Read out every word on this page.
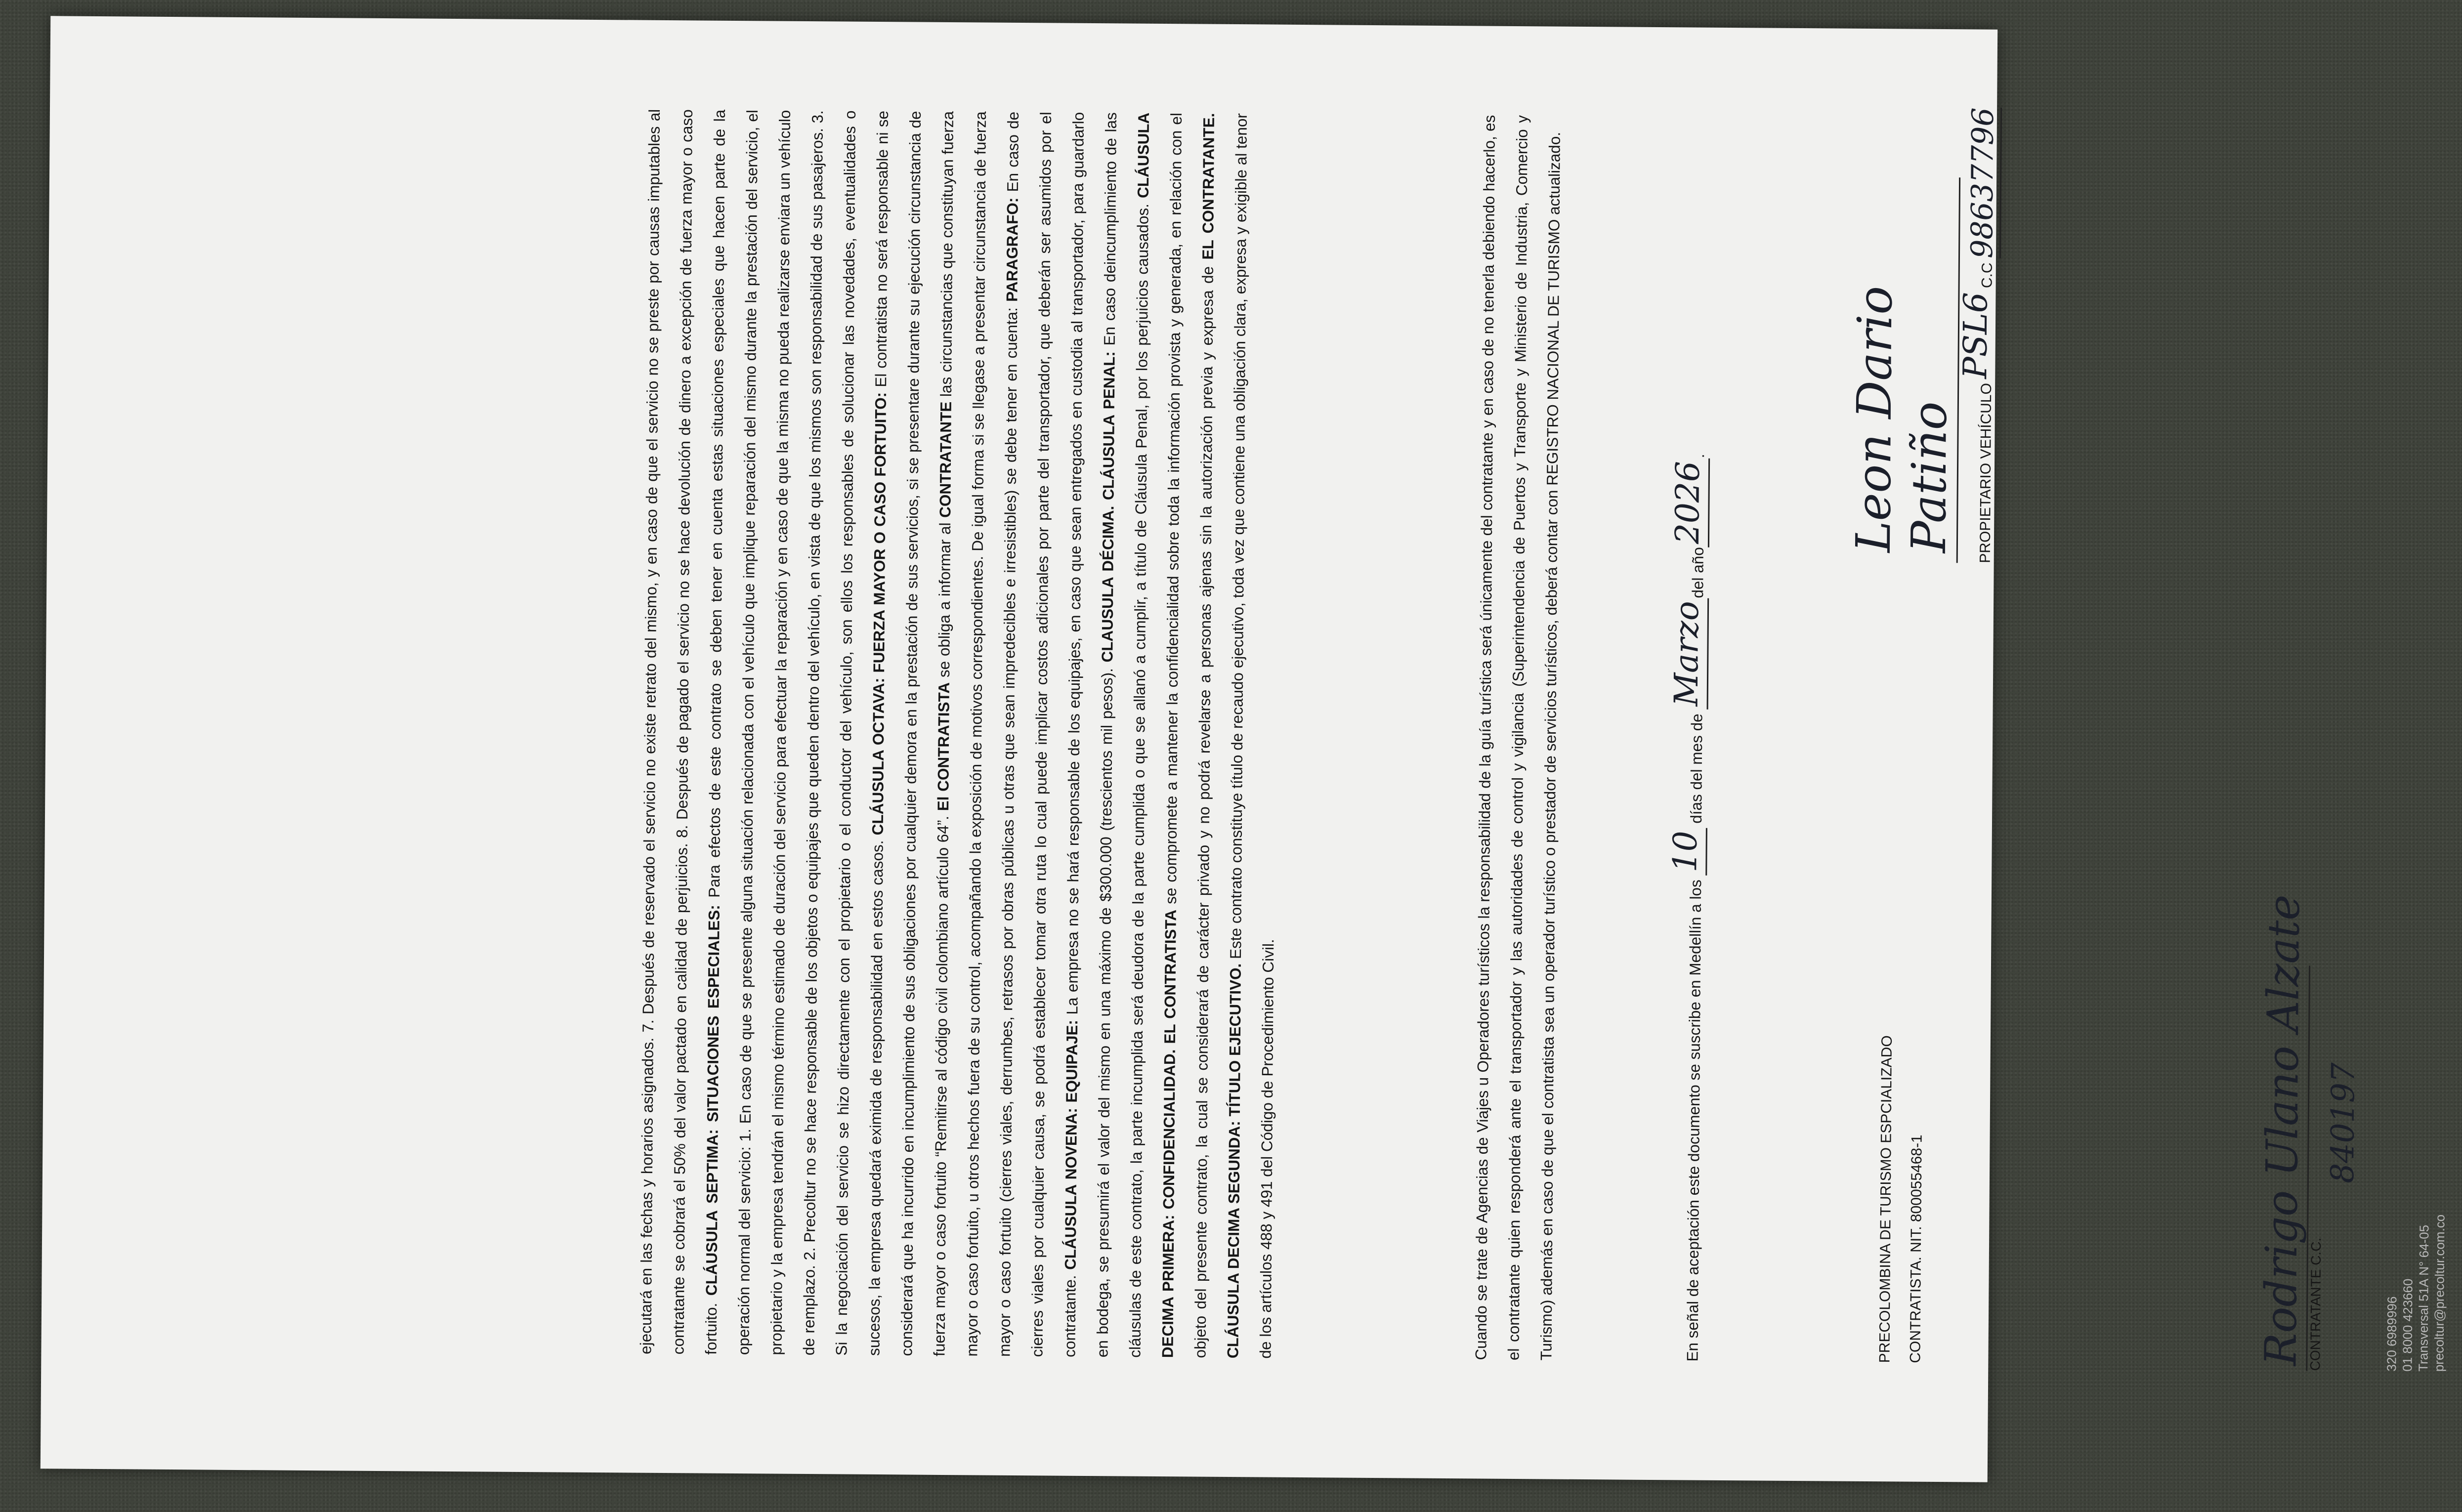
ejecutará en las fechas y horarios asignados. 7. Después de reservado el servicio no existe retrato del mismo, y en caso de que el servicio no se preste por causas imputables al contratante se cobrará el 50% del valor pactado en calidad de perjuicios. 8. Después de pagado el servicio no se hace devolución de dinero a excepción de fuerza mayor o caso fortuito. CLÁUSULA SEPTIMA: SITUACIONES ESPECIALES: Para efectos de este contrato se deben tener en cuenta estas situaciones especiales que hacen parte de la operación normal del servicio: 1. En caso de que se presente alguna situación relacionada con el vehículo que implique reparación del mismo durante la prestación del servicio, el propietario y la empresa tendrán el mismo término estimado de duración del servicio para efectuar la reparación y en caso de que la misma no pueda realizarse enviara un vehículo de remplazo. 2. Precoltur no se hace responsable de los objetos o equipajes que queden dentro del vehículo, en vista de que los mismos son responsabilidad de sus pasajeros. 3. Si la negociación del servicio se hizo directamente con el propietario o el conductor del vehículo, son ellos los responsables de solucionar las novedades, eventualidades o sucesos, la empresa quedará eximida de responsabilidad en estos casos. CLÁUSULA OCTAVA: FUERZA MAYOR O CASO FORTUITO: El contratista no será responsable ni se considerará que ha incurrido en incumplimiento de sus obligaciones por cualquier demora en la prestación de sus servicios, si se presentare durante su ejecución circunstancia de fuerza mayor o caso fortuito “Remitirse al código civil colombiano artículo 64”. El CONTRATISTA se obliga a informar al CONTRATANTE las circunstancias que constituyan fuerza mayor o caso fortuito, u otros hechos fuera de su control, acompañando la exposición de motivos correspondientes. De igual forma si se llegase a presentar circunstancia de fuerza mayor o caso fortuito (cierres viales, derrumbes, retrasos por obras públicas u otras que sean impredecibles e irresistibles) se debe tener en cuenta: PARAGRAFO: En caso de cierres viales por cualquier causa, se podrá establecer tomar otra ruta lo cual puede implicar costos adicionales por parte del transportador, que deberán ser asumidos por el contratante. CLÁUSULA NOVENA: EQUIPAJE: La empresa no se hará responsable de los equipajes, en caso que sean entregados en custodia al transportador, para guardarlo en bodega, se presumirá el valor del mismo en una máximo de $300.000 (trescientos mil pesos). CLAUSULA DÉCIMA. CLÁUSULA PENAL: En caso deincumplimiento de las cláusulas de este contrato, la parte incumplida será deudora de la parte cumplida o que se allanó a cumplir, a título de Cláusula Penal, por los perjuicios causados. CLÁUSULA DECIMA PRIMERA: CONFIDENCIALIDAD. EL CONTRATISTA se compromete a mantener la confidencialidad sobre toda la información provista y generada, en relación con el objeto del presente contrato, la cual se considerará de carácter privado y no podrá revelarse a personas ajenas sin la autorización previa y expresa de EL CONTRATANTE. CLÁUSULA DECIMA SEGUNDA: TÍTULO EJECUTIVO. Este contrato constituye título de recaudo ejecutivo, toda vez que contiene una obligación clara, expresa y exigible al tenor de los artículos 488 y 491 del Código de Procedimiento Civil.	Cuando se trate de Agencias de Viajes u Operadores turísticos la responsabilidad de la guía turística será únicamente del contratante y en caso de no tenerla debiendo hacerlo, es el contratante quien responderá ante el transportador y las autoridades de control y vigilancia (Superintendencia de Puertos y Transporte y Ministerio de Industria, Comercio y Turismo) además en caso de que el contratista sea un operador turístico o prestador de servicios turísticos, deberá contar con REGISTRO NACIONAL DE TURISMO actualizado.	En señal de aceptación este documento se suscribe en Medellín a los 10 días del mes de Marzodel año2026.

PRECOLOMBINA DE TURISMO ESPCIALIZADO CONTRATISTA. NIT. 800055468-1
Leon Dario Patiño	PROPIETARIO VEHÍCULO PSL6 C.C 98637796
Rodrigo Ulano Alzate
CONTRATANTE C.C.
840197
320 6989996 01 8000 423660 Transversal 51A N° 64-05 precoltur@precoltur.com.co
